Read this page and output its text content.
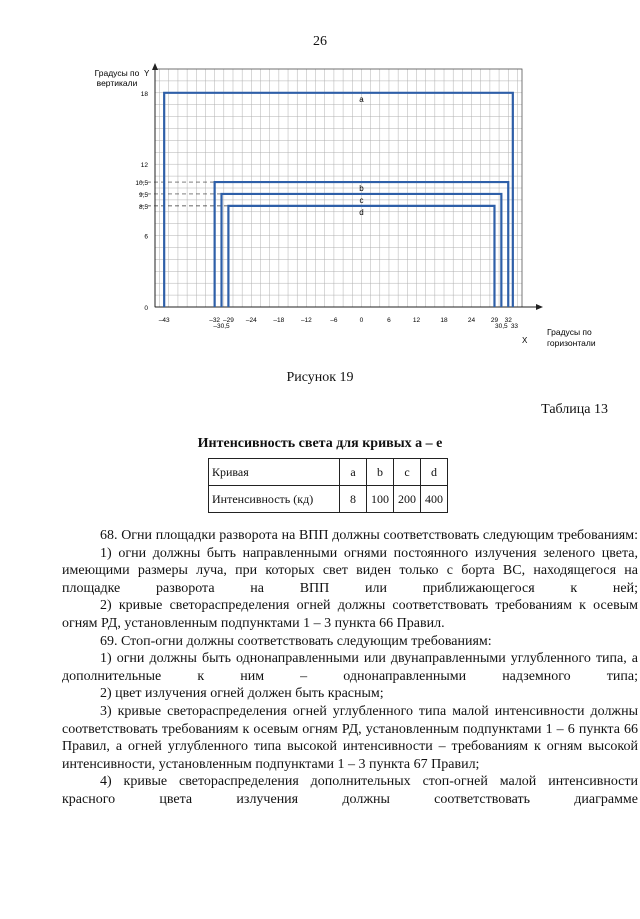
26
Градусы по
вертикали
Y
X
Градусы по
горизонтали
0
6
8,5
9,5
10,5
12
18
–43	–32 –29 –24	–18	–12	–6	0	6	12	18	24 29 32
–30,5	30,5 33
a
b
c
d
Рисунок 19
Таблица 13
Интенсивность света для кривых а – е
Кривая	a	b	c	d
Интенсивность (кд)	8	100	200	400

68. Огни площадки разворота на ВПП должны соответствовать следующим требованиям:

1) огни должны быть направленными огнями постоянного излучения зеленого цвета, имеющими размеры луча, при которых свет виден только с борта ВС, находящегося на площадке разворота на ВПП или приближающегося к ней;

2) кривые светораспределения огней должны соответствовать требованиям к осевым огням РД, установленным подпунктами 1 – 3 пункта 66 Правил.

69. Стоп-огни должны соответствовать следующим требованиям:

1) огни должны быть однонаправленными или двунаправленными углубленного типа, а дополнительные к ним – однонаправленными надземного типа;

2) цвет излучения огней должен быть красным;

3) кривые светораспределения огней углубленного типа малой интенсивности должны соответствовать требованиям к осевым огням РД, установленным подпунктами 1 – 6 пункта 66 Правил, а огней углубленного типа высокой интенсивности – требованиям к огням высокой интенсивности, установленным подпунктами 1 – 3 пункта 67 Правил;

4) кривые светораспределения дополнительных стоп-огней малой интенсивности красного цвета излучения должны соответствовать диаграмме
